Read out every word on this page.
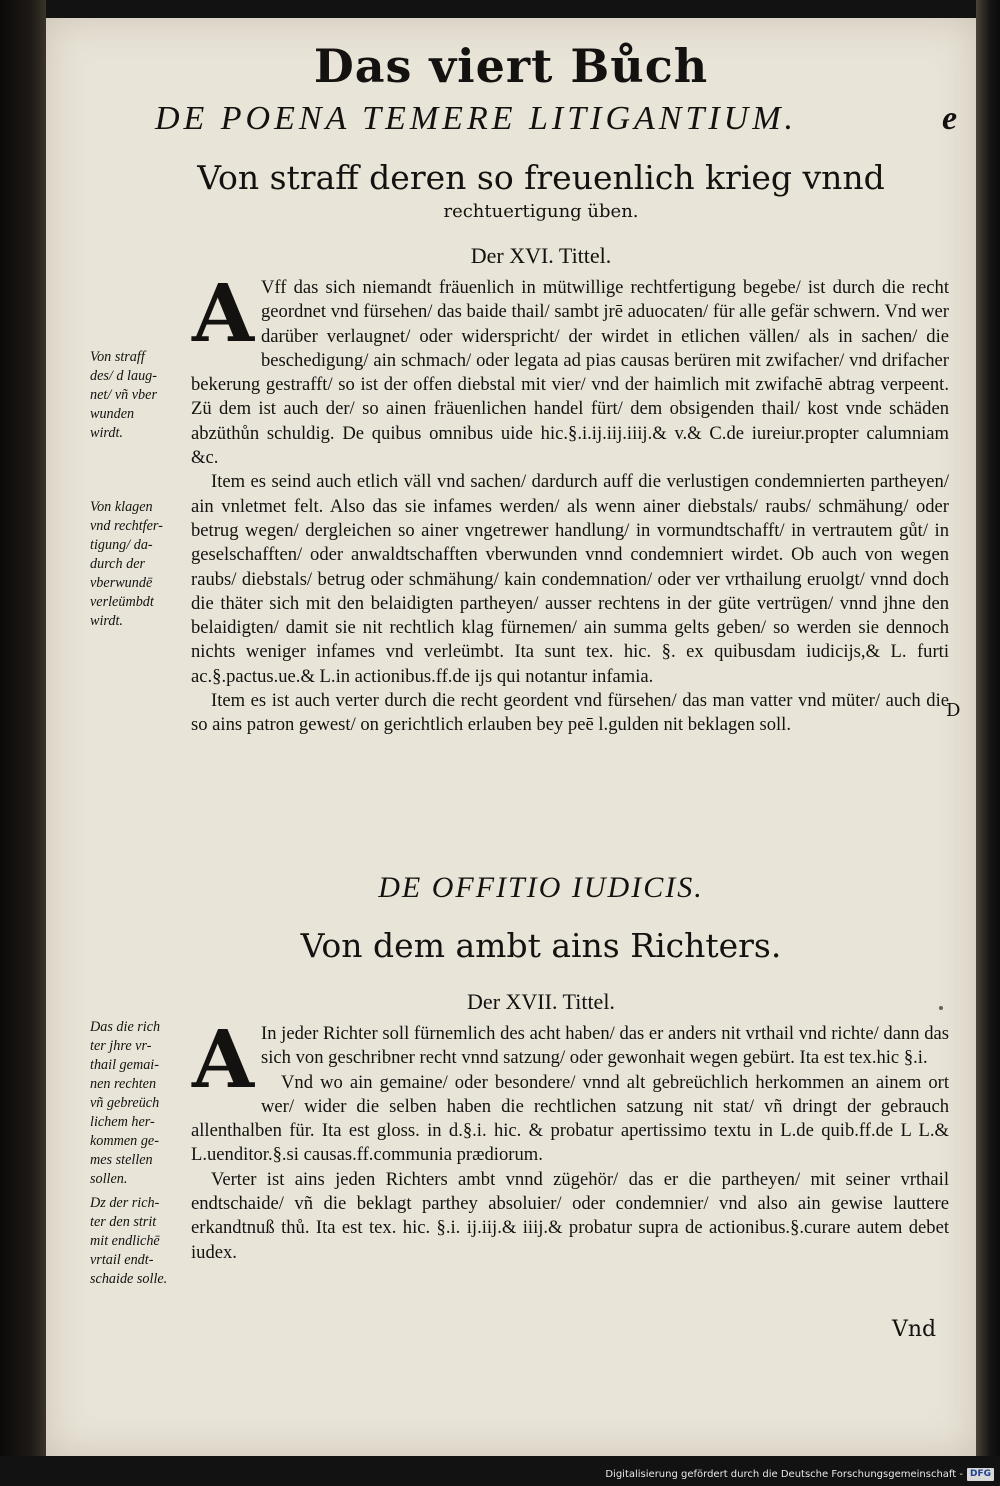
Das viert Bůch
DE POENA TEMERE LITIGANTIUM.	e
Von straff deren so freuenlich krieg vnnd
rechtuertigung üben.
Der XVI. Tittel.

A Vff das sich niemandt fräuenlich in mütwillige rechtfertigung begebe/ ist durch die recht geordnet vnd fürsehen/ das baide thail/ sambt jrē aduocaten/ für alle gefär schwern. Vnd wer darüber verlaugnet/ oder widerspricht/ der wirdet in etlichen vällen/ als in sachen/ die beschedigung/ ain schmach/ oder legata ad pias causas berüren mit zwifacher/ vnd drifacher bekerung gestrafft/ so ist der offen diebstal mit vier/ vnd der haimlich mit zwifachē abtrag verpeent. Zü dem ist auch der/ so ainen fräuenlichen handel fürt/ dem obsigenden thail/ kost vnde schäden abzüthůn schuldig. De quibus omnibus uide hic.§.i.ij.iij.iiij.& v.& C.de iureiur.propter calumniam &c.

Item es seind auch etlich väll vnd sachen/ dardurch auff die verlustigen condemnierten partheyen/ ain vnletmet felt. Also das sie infames werden/ als wenn ainer diebstals/ raubs/ schmähung/ oder betrug wegen/ dergleichen so ainer vngetrewer handlung/ in vormundtschafft/ in vertrautem gůt/ in geselschafften/ oder anwaldtschafften vberwunden vnnd condemniert wirdet. Ob auch von wegen raubs/ diebstals/ betrug oder schmähung/ kain condemnation/ oder ver vrthailung eruolgt/ vnnd doch die thäter sich mit den belaidigten partheyen/ ausser rechtens in der güte vertrügen/ vnnd jhne den belaidigten/ damit sie nit rechtlich klag fürnemen/ ain summa gelts geben/ so werden sie dennoch nichts weniger infames vnd verleümbt. Ita sunt tex. hic. §. ex quibusdam iudicijs,& L. furti ac.§.pactus.ue.& L.in actionibus.ff.de ijs qui notantur infamia.

Item es ist auch verter durch die recht geordent vnd fürsehen/ das man vatter vnd müter/ auch die so ains patron gewest/ on gerichtlich erlauben bey peē l.gulden nit beklagen soll.

Von straff
des/ d laug-
net/ vñ vber
wunden
wirdt.
Von klagen
vnd rechtfer-
tigung/ da-
durch der
vberwundē
verleümbdt
wirdt.
D
DE OFFITIO IUDICIS.
Von dem ambt ains Richters.
Der XVII. Tittel.

A In jeder Richter soll fürnemlich des acht haben/ das er anders nit vrthail vnd richte/ dann das sich von geschribner recht vnnd satzung/ oder gewonhait wegen gebürt. Ita est tex.hic §.i.

Vnd wo ain gemaine/ oder besondere/ vnnd alt gebreüchlich herkommen an ainem ort wer/ wider die selben haben die rechtlichen satzung nit stat/ vñ dringt der gebrauch allenthalben für. Ita est gloss. in d.§.i. hic. & probatur apertissimo textu in L.de quib.ff.de L L.& L.uenditor.§.si causas.ff.communia prædiorum.

Verter ist ains jeden Richters ambt vnnd zügehör/ das er die partheyen/ mit seiner vrthail endtschaide/ vñ die beklagt parthey absoluier/ oder condemnier/ vnd also ain gewise lauttere erkandtnuß thů. Ita est tex. hic. §.i. ij.iij.& iiij.& probatur supra de actionibus.§.curare autem debet iudex.

Das die rich
ter jhre vr-
thail gemai-
nen rechten
vñ gebreüch
lichem her-
kommen ge-
mes stellen
sollen.
Dz der rich-
ter den strit
mit endlichē
vrtail endt-
schaide solle.
Vnd
Digitalisierung gefördert durch die Deutsche Forschungsgemeinschaft - DFG
